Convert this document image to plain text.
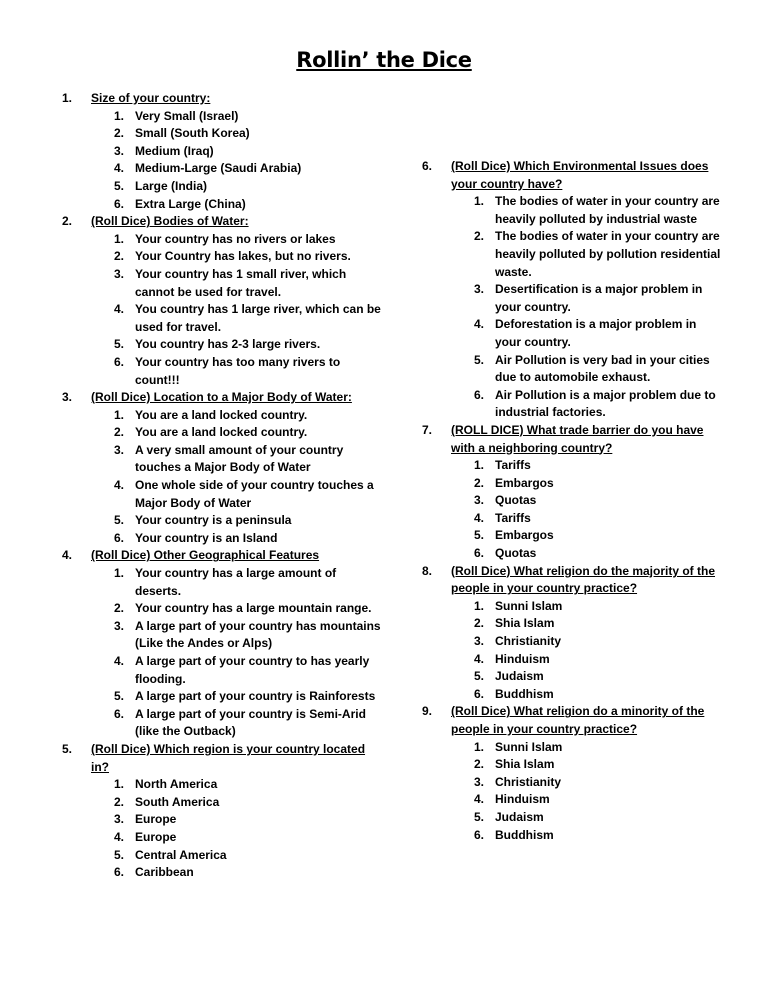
Rollin’ the Dice
1. Size of your country:
1. Very Small (Israel)
2. Small (South Korea)
3. Medium (Iraq)
4. Medium-Large (Saudi Arabia)
5. Large (India)
6. Extra Large (China)
2. (Roll Dice) Bodies of Water:
1. Your country has no rivers or lakes
2. Your Country has lakes, but no rivers.
3. Your country has 1 small river, which cannot be used for travel.
4. You country has 1 large river, which can be used for travel.
5. You country has 2-3 large rivers.
6. Your country has too many rivers to count!!!
3. (Roll Dice) Location to a Major Body of Water:
1. You are a land locked country.
2. You are a land locked country.
3. A very small amount of your country touches a Major Body of Water
4. One whole side of your country touches a Major Body of Water
5. Your country is a peninsula
6. Your country is an Island
4. (Roll Dice) Other Geographical Features
1. Your country has a large amount of deserts.
2. Your country has a large mountain range.
3. A large part of your country has mountains (Like the Andes or Alps)
4. A large part of your country to has yearly flooding.
5. A large part of your country is Rainforests
6. A large part of your country is Semi-Arid (like the Outback)
5. (Roll Dice) Which region is your country located in?
1. North America
2. South America
3. Europe
4. Europe
5. Central America
6. Caribbean
6. (Roll Dice) Which Environmental Issues does your country have?
1. The bodies of water in your country are heavily polluted by industrial waste
2. The bodies of water in your country are heavily polluted by pollution residential waste.
3. Desertification is a major problem in your country.
4. Deforestation is a major problem in your country.
5. Air Pollution is very bad in your cities due to automobile exhaust.
6. Air Pollution is a major problem due to industrial factories.
7. (ROLL DICE) What trade barrier do you have with a neighboring country?
1. Tariffs
2. Embargos
3. Quotas
4. Tariffs
5. Embargos
6. Quotas
8. (Roll Dice) What religion do the majority of the people in your country practice?
1. Sunni Islam
2. Shia Islam
3. Christianity
4. Hinduism
5. Judaism
6. Buddhism
9. (Roll Dice) What religion do a minority of the people in your country practice?
1. Sunni Islam
2. Shia Islam
3. Christianity
4. Hinduism
5. Judaism
6. Buddhism
